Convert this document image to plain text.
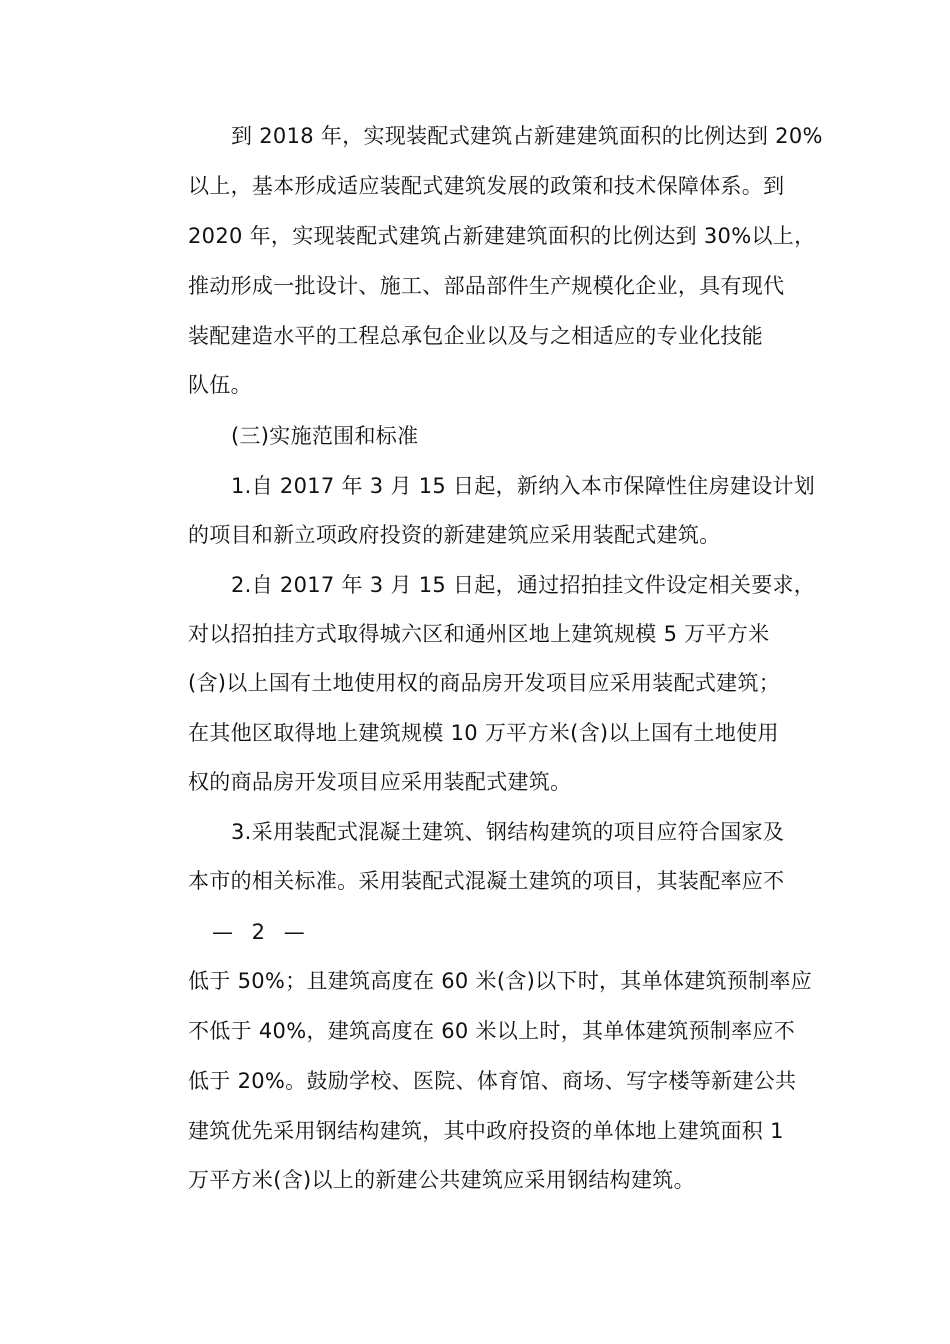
到 2018 年，实现装配式建筑占新建建筑面积的比例达到 20%
以上，基本形成适应装配式建筑发展的政策和技术保障体系。到
2020 年，实现装配式建筑占新建建筑面积的比例达到 30%以上，
推动形成一批设计、施工、部品部件生产规模化企业，具有现代
装配建造水平的工程总承包企业以及与之相适应的专业化技能
队伍。
(三)实施范围和标准
1.自 2017 年 3 月 15 日起，新纳入本市保障性住房建设计划
的项目和新立项政府投资的新建建筑应采用装配式建筑。
2.自 2017 年 3 月 15 日起，通过招拍挂文件设定相关要求，
对以招拍挂方式取得城六区和通州区地上建筑规模 5 万平方米
(含)以上国有土地使用权的商品房开发项目应采用装配式建筑；
在其他区取得地上建筑规模 10 万平方米(含)以上国有土地使用
权的商品房开发项目应采用装配式建筑。
3.采用装配式混凝土建筑、钢结构建筑的项目应符合国家及
本市的相关标准。采用装配式混凝土建筑的项目，其装配率应不
— 2 —
低于 50%；且建筑高度在 60 米(含)以下时，其单体建筑预制率应
不低于 40%，建筑高度在 60 米以上时，其单体建筑预制率应不
低于 20%。鼓励学校、医院、体育馆、商场、写字楼等新建公共
建筑优先采用钢结构建筑，其中政府投资的单体地上建筑面积 1
万平方米(含)以上的新建公共建筑应采用钢结构建筑。
